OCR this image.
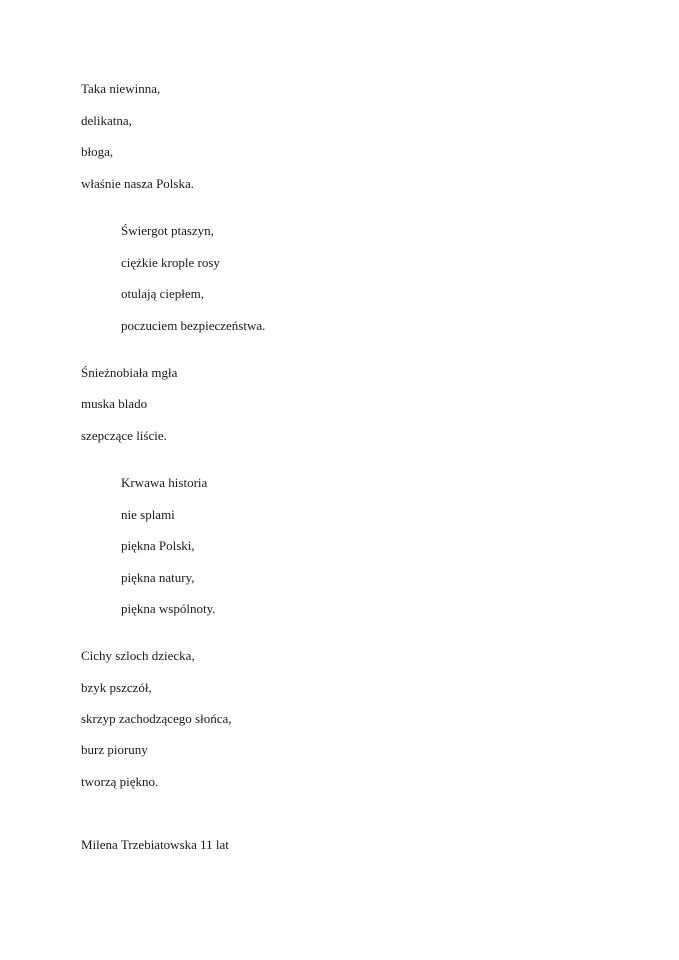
Taka niewinna,
delikatna,
błoga,
właśnie nasza Polska.
Świergot ptaszyn,
ciężkie krople rosy
otulają ciepłem,
poczuciem bezpieczeństwa.
Śnieżnobiała mgła
muska blado
szepczące liście.
Krwawa historia
nie splami
piękna Polski,
piękna natury,
piękna wspólnoty.
Cichy szloch dziecka,
bzyk pszczół,
skrzyp zachodzącego słońca,
burz pioruny
tworzą piękno.
Milena Trzebiatowska 11 lat
